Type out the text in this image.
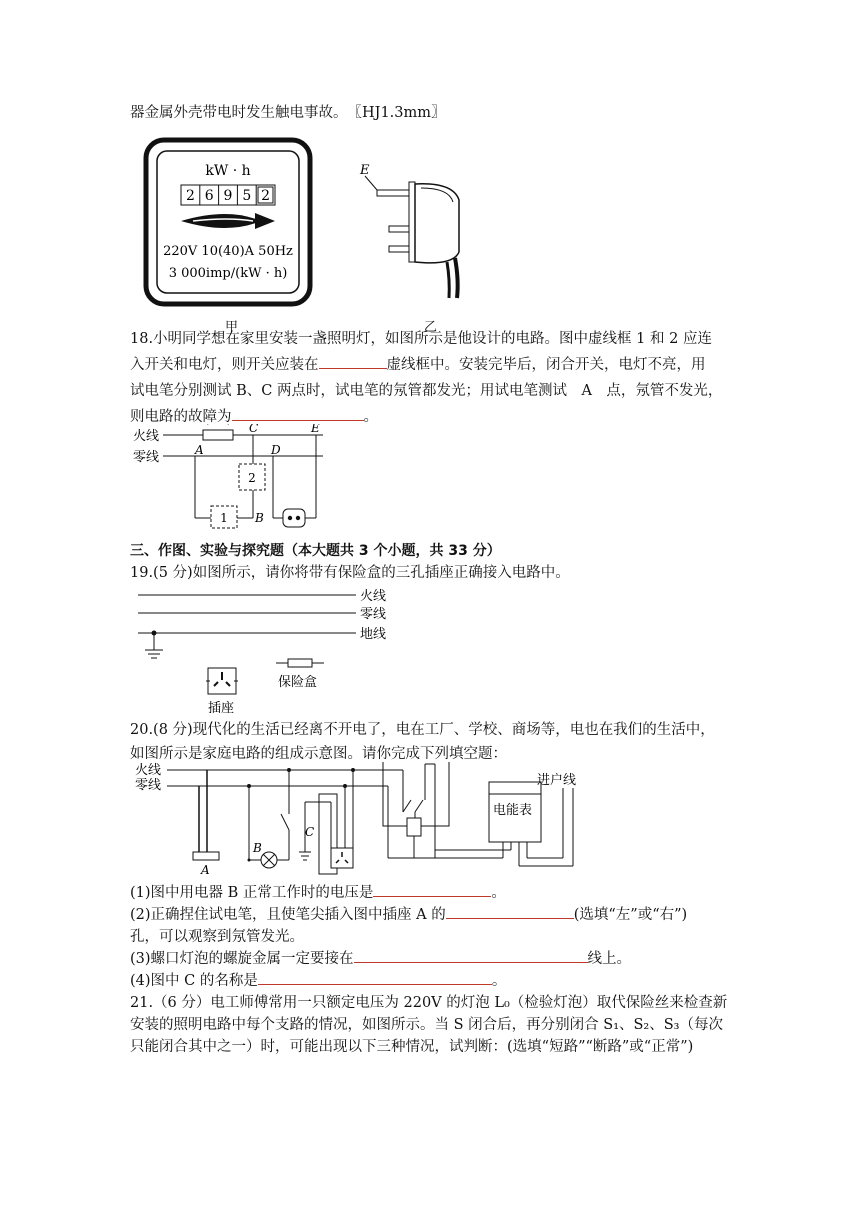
器金属外壳带电时发生触电事故。　〖HJ1.3mm〗
kW · h
2 6 9 5 2
220V 10(40)A 50Hz
3 000imp/(kW · h)
甲
E
乙
18.小明同学想在家里安装一盏照明灯，如图所示是他设计的电路。图中虚线框 1 和 2 应连
入开关和电灯，则开关应装在	虚线框中。安装完毕后，闭合开关，电灯不亮，用
试电笔分别测试 B、C 两点时，试电笔的氖管都发光；用试电笔测试　A　点，氖管不发光，
则电路的故障为	。
火线
零线
C	E
A	D
2
B
1
三、作图、实验与探究题（本大题共 3 个小题，共 33 分）
19.(5 分)如图所示，请你将带有保险盒的三孔插座正确接入电路中。
火线
零线
地线
插座
保险盒
20.(8 分)现代化的生活已经离不开电了，电在工厂、学校、商场等，电也在我们的生活中，
如图所示是家庭电路的组成示意图。请你完成下列填空题：
火线
零线
A
B
C
电能表
进户线
(1)图中用电器 B 正常工作时的电压是	。
(2)正确捏住试电笔，且使笔尖插入图中插座 A 的	(选填“左”或“右”)
孔，可以观察到氖管发光。
(3)螺口灯泡的螺旋金属一定要接在	线上。
(4)图中 C 的名称是	。
21.（6 分）电工师傅常用一只额定电压为 220V 的灯泡 L₀（检验灯泡）取代保险丝来检查新
安装的照明电路中每个支路的情况，如图所示。当 S 闭合后，再分别闭合 S₁、S₂、S₃（每次
只能闭合其中之一）时，可能出现以下三种情况，试判断：(选填“短路”“断路”或“正常”)
